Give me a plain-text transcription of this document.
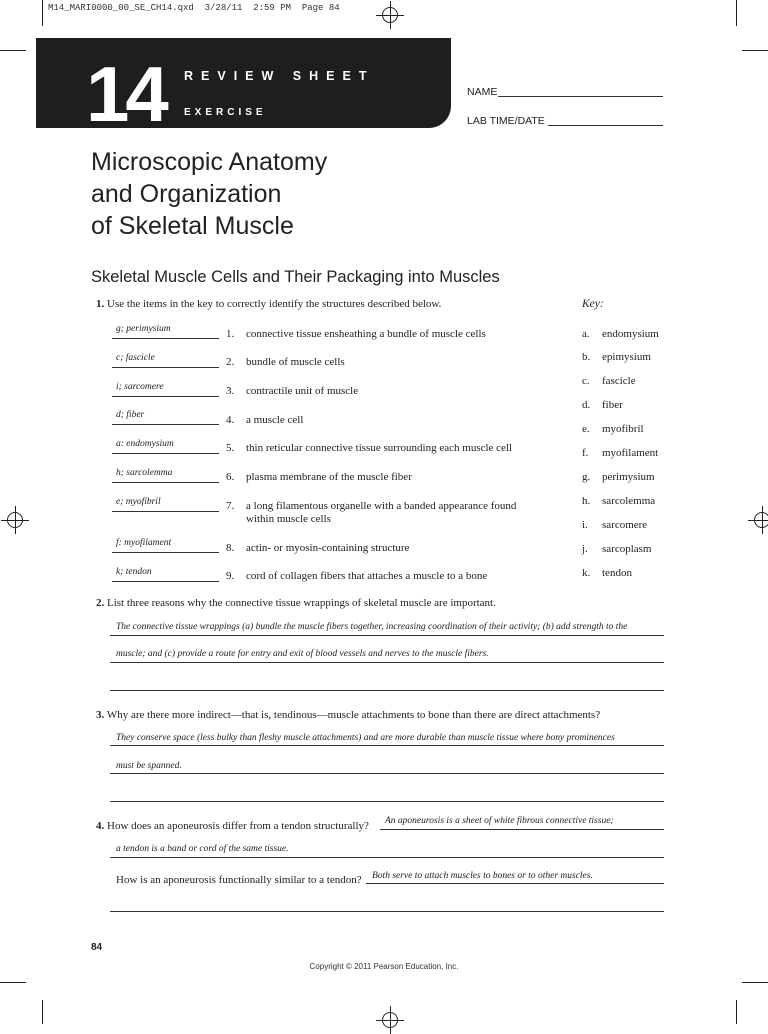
M14_MARI0000_00_SE_CH14.qxd  3/28/11  2:59 PM  Page 84
14 REVIEW SHEET
EXERCISE
NAME
LAB TIME/DATE
Microscopic Anatomy
and Organization
of Skeletal Muscle
Skeletal Muscle Cells and Their Packaging into Muscles
1. Use the items in the key to correctly identify the structures described below.	Key:
g; perimysium	1. connective tissue ensheathing a bundle of muscle cells
c; fascicle	2. bundle of muscle cells
i; sarcomere	3. contractile unit of muscle
d; fiber	4. a muscle cell
a: endomysium	5. thin reticular connective tissue surrounding each muscle cell
h; sarcolemma	6. plasma membrane of the muscle fiber
e; myofibril	7. a long filamentous organelle with a banded appearance found
within muscle cells
f: myofilament	8. actin- or myosin-containing structure
k; tendon	9. cord of collagen fibers that attaches a muscle to a bone
a. endomysium
b. epimysium
c. fascicle
d. fiber
e. myofibril
f. myofilament
g. perimysium
h. sarcolemma
i. sarcomere
j. sarcoplasm
k. tendon
2. List three reasons why the connective tissue wrappings of skeletal muscle are important.
The connective tissue wrappings (a) bundle the muscle fibers together, increasing coordination of their activity; (b) add strength to the
muscle; and (c) provide a route for entry and exit of blood vessels and nerves to the muscle fibers.
3. Why are there more indirect—that is, tendinous—muscle attachments to bone than there are direct attachments?
They conserve space (less bulky than fleshy muscle attachments) and are more durable than muscle tissue where bony prominences
must be spanned.
4. How does an aponeurosis differ from a tendon structurally? An aponeurosis is a sheet of white fibrous connective tissue;
a tendon is a band or cord of the same tissue.
How is an aponeurosis functionally similar to a tendon? Both serve to attach muscles to bones or to other muscles.
84
Copyright © 2011 Pearson Education, Inc.
